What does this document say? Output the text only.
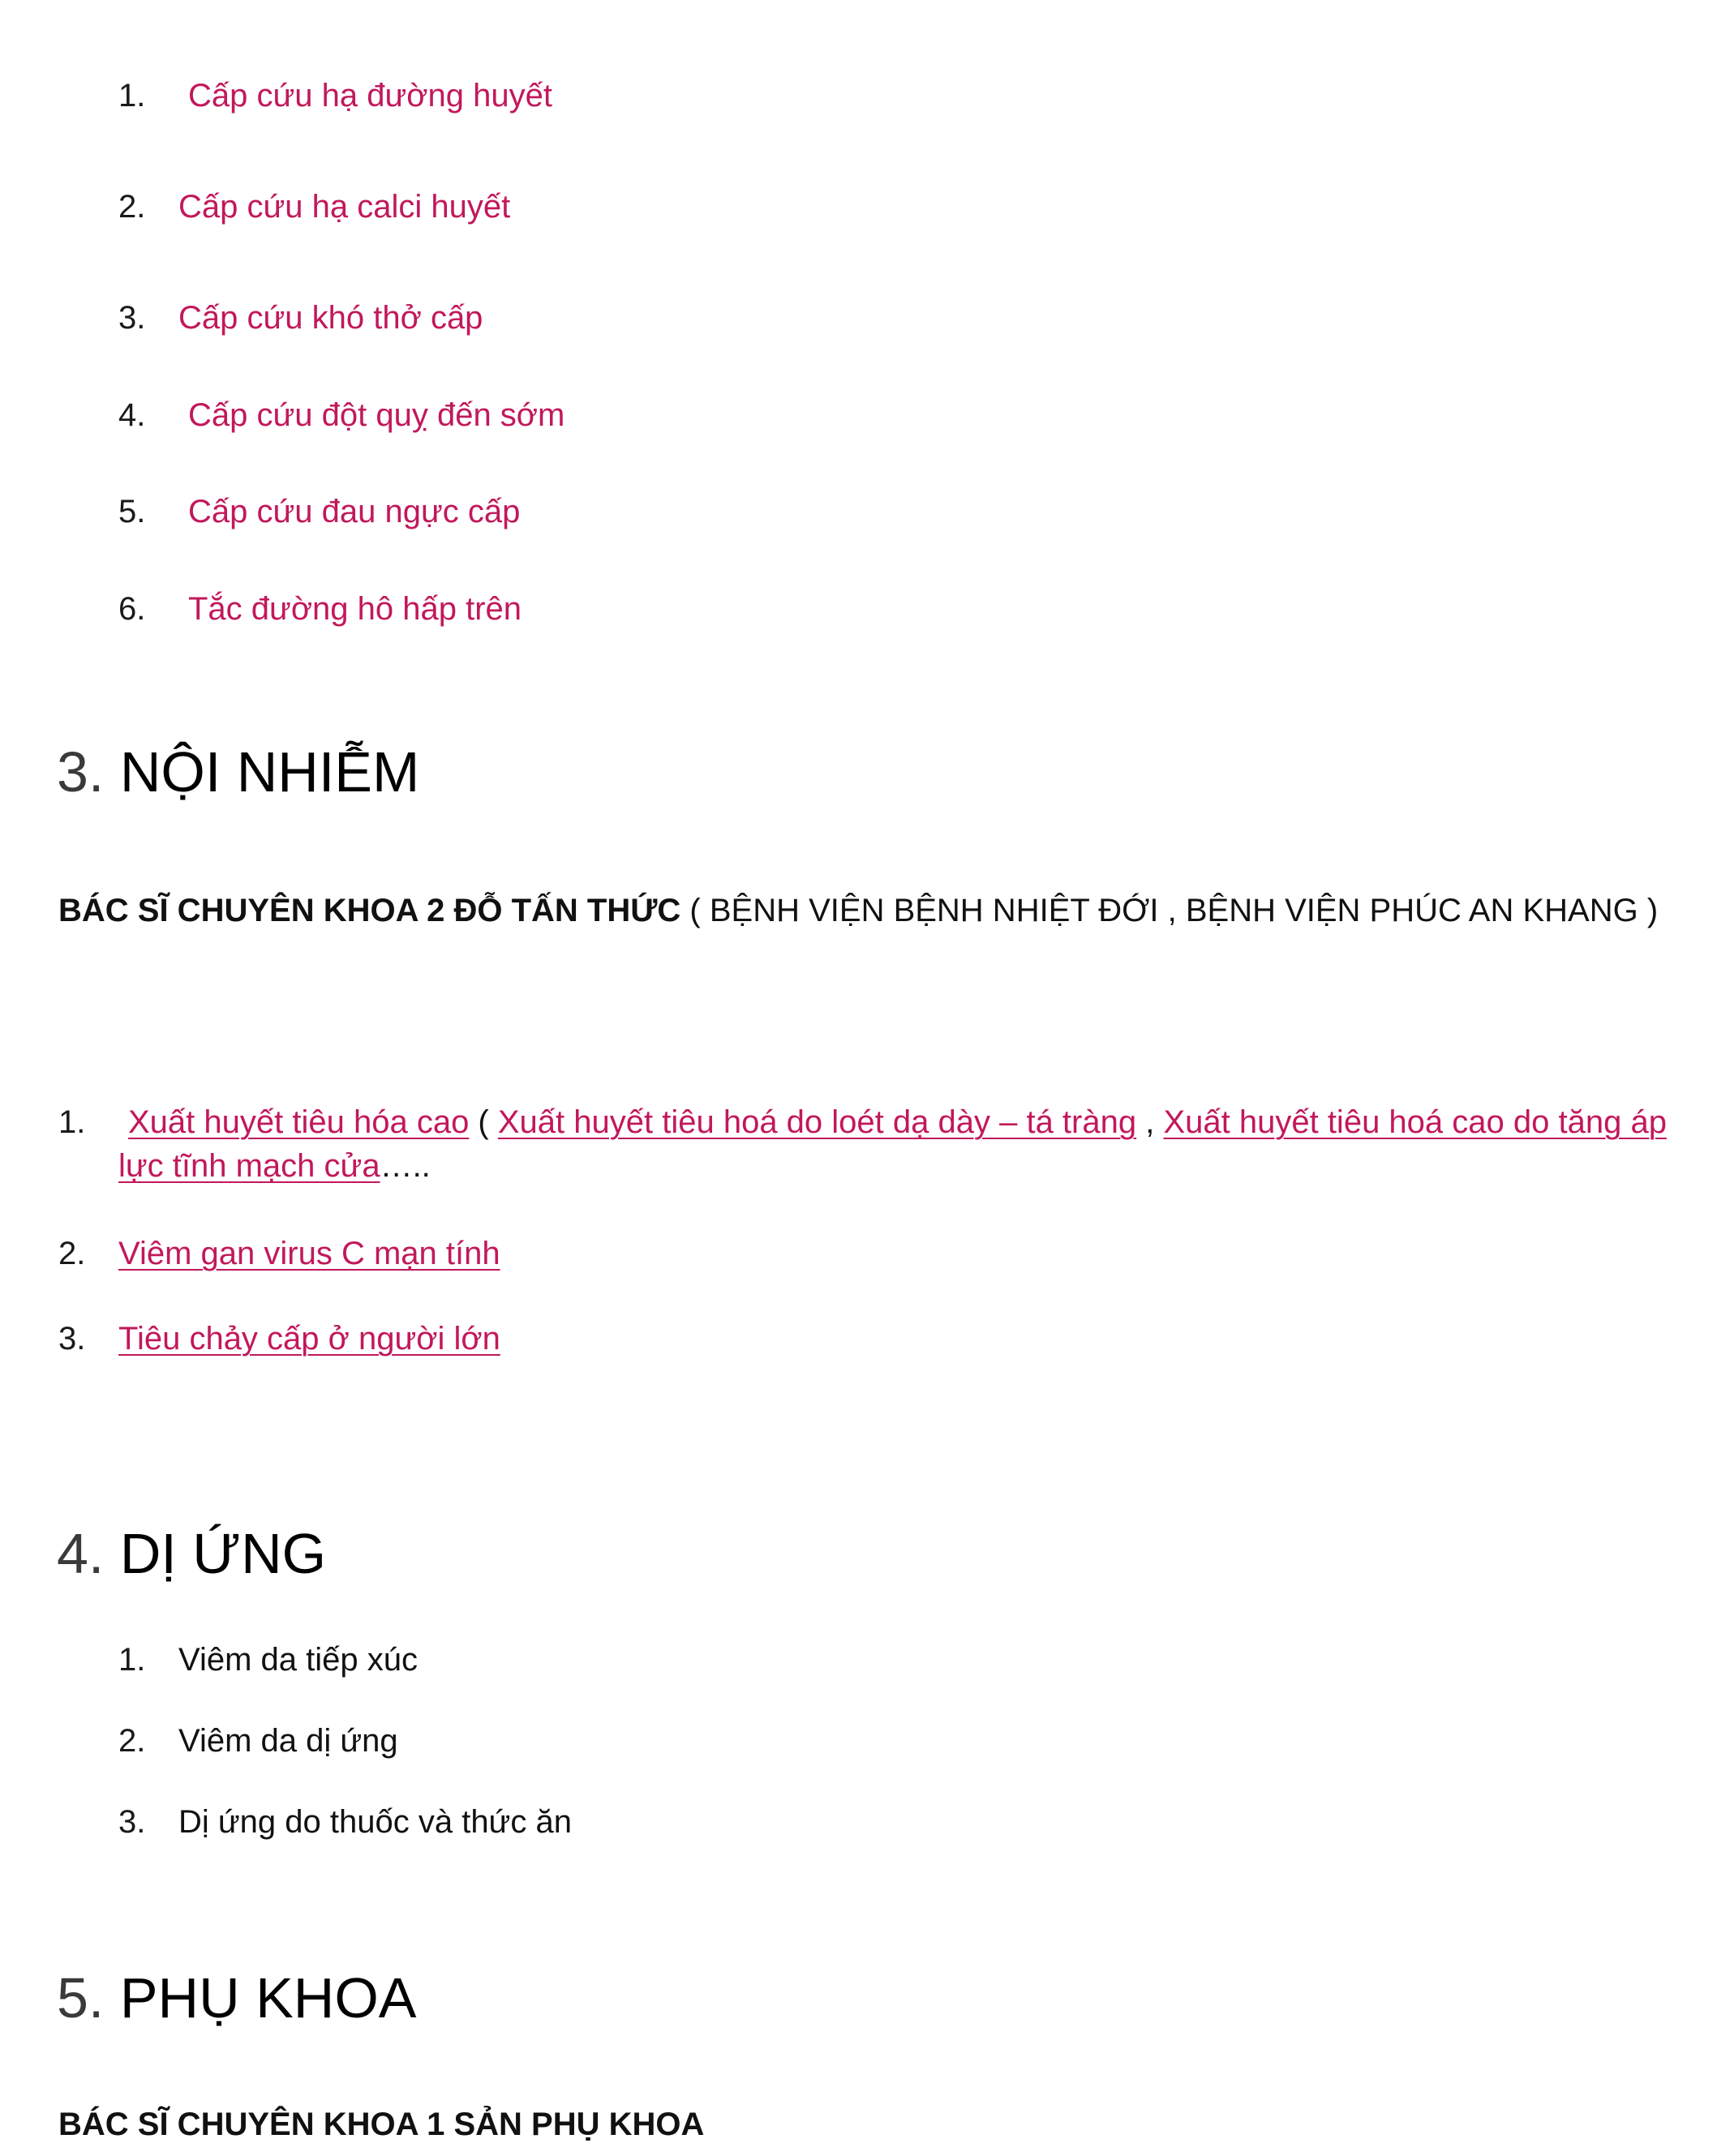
1. Cấp cứu hạ đường huyết
2. Cấp cứu hạ calci huyết
3. Cấp cứu khó thở cấp
4. Cấp cứu đột quỵ đến sớm
5. Cấp cứu đau ngực cấp
6. Tắc đường hô hấp trên
3. NỘI NHIỄM
BÁC SĨ CHUYÊN KHOA 2 ĐỖ TẤN THỨC ( BỆNH VIỆN BỆNH NHIỆT ĐỚI , BỆNH VIỆN PHÚC AN KHANG )
1.	Xuất huyết tiêu hóa cao ( Xuất huyết tiêu hoá do loét dạ dày – tá tràng , Xuất huyết tiêu hoá cao do tăng áp lực tĩnh mạch cửa…..
2. Viêm gan virus C mạn tính
3. Tiêu chảy cấp ở người lớn
4. DỊ ỨNG
1. Viêm da tiếp xúc
2. Viêm da dị ứng
3. Dị ứng do thuốc và thức ăn
5. PHỤ KHOA
BÁC SĨ CHUYÊN KHOA 1 SẢN PHỤ KHOA
